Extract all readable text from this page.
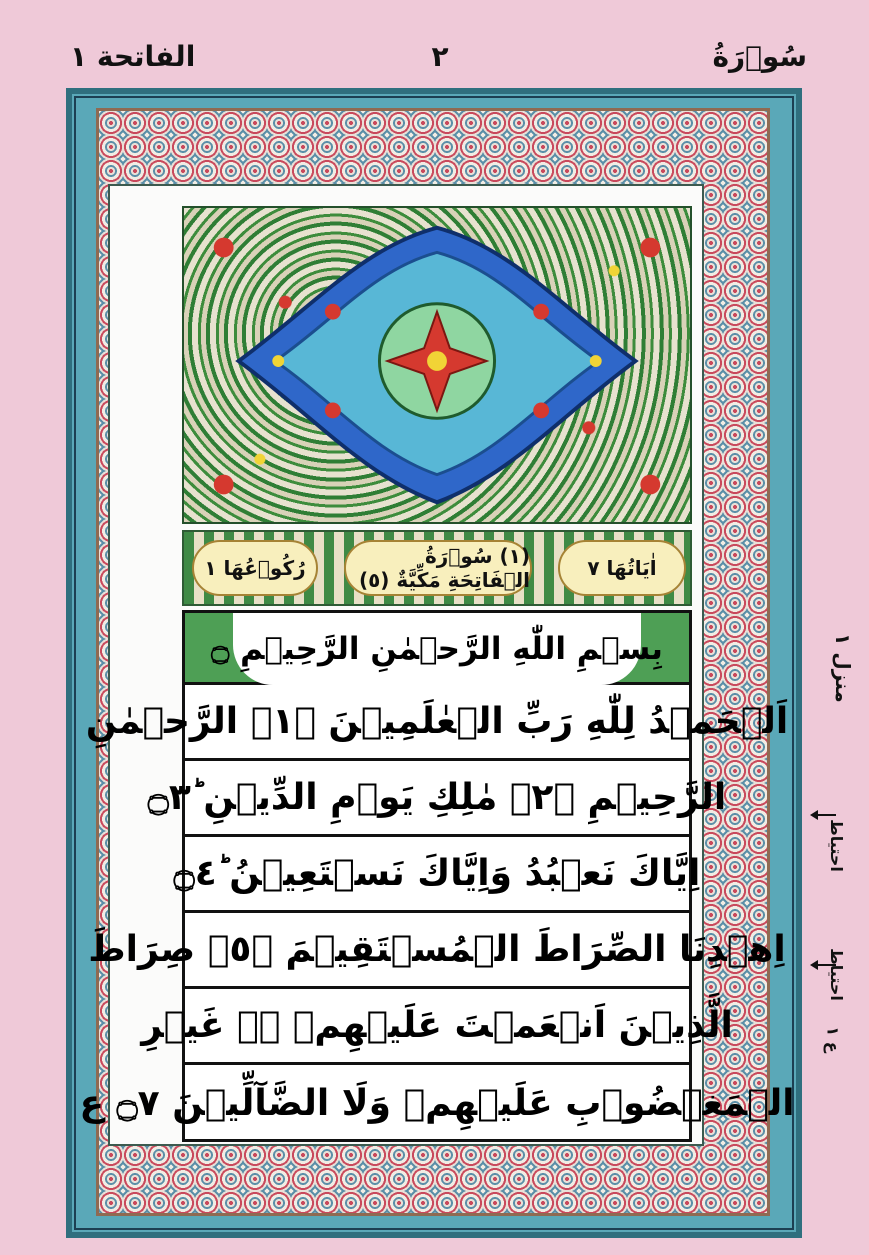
الفاتحة ١	٢	سُوۡرَةُ
رُكُوۡعُهَا ١	(١) سُوۡرَةُ الۡفَاتِحَةِ مَكِّيَّةٌ (٥)	اٰيَاتُهَا ٧
بِسۡمِ اللّٰهِ الرَّحۡمٰنِ الرَّحِيۡمِ ۝
اَلۡحَمۡدُ لِلّٰهِ رَبِّ الۡعٰلَمِيۡنَ ۝١ۙ الرَّحۡمٰنِ
الرَّحِيۡمِ ۝٢ۙ مٰلِكِ يَوۡمِ الدِّيۡنِ ۝٣ؕ
اِيَّاكَ نَعۡبُدُ وَاِيَّاكَ نَسۡتَعِيۡنُ ۝٤ؕ
اِهۡدِنَا الصِّرَاطَ الۡمُسۡتَقِيۡمَ ۝٥ۙ صِرَاطَ
الَّذِيۡنَ اَنۡعَمۡتَ عَلَيۡهِمۡ ۙ۬ غَيۡرِ
الۡمَغۡضُوۡبِ عَلَيۡهِمۡ وَلَا الضَّآلِّيۡنَ ۝٧ ع
منزل ١
احتیاط
احتیاط
ع ۱
